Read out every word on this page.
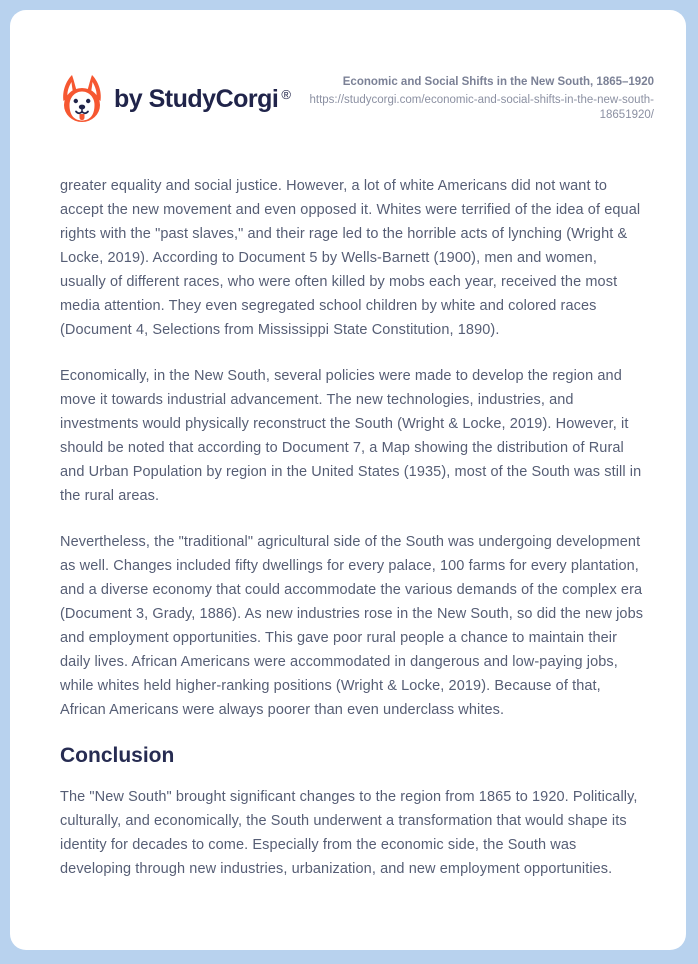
by StudyCorgi ®
Economic and Social Shifts in the New South, 1865–1920
https://studycorgi.com/economic-and-social-shifts-in-the-new-south-18651920/

greater equality and social justice. However, a lot of white Americans did not want to accept the new movement and even opposed it. Whites were terrified of the idea of equal rights with the "past slaves," and their rage led to the horrible acts of lynching (Wright & Locke, 2019). According to Document 5 by Wells-Barnett (1900), men and women, usually of different races, who were often killed by mobs each year, received the most media attention. They even segregated school children by white and colored races (Document 4, Selections from Mississippi State Constitution, 1890).

Economically, in the New South, several policies were made to develop the region and move it towards industrial advancement. The new technologies, industries, and investments would physically reconstruct the South (Wright & Locke, 2019). However, it should be noted that according to Document 7, a Map showing the distribution of Rural and Urban Population by region in the United States (1935), most of the South was still in the rural areas.

Nevertheless, the "traditional" agricultural side of the South was undergoing development as well. Changes included fifty dwellings for every palace, 100 farms for every plantation, and a diverse economy that could accommodate the various demands of the complex era (Document 3, Grady, 1886). As new industries rose in the New South, so did the new jobs and employment opportunities. This gave poor rural people a chance to maintain their daily lives. African Americans were accommodated in dangerous and low-paying jobs, while whites held higher-ranking positions (Wright & Locke, 2019). Because of that, African Americans were always poorer than even underclass whites.

Conclusion

The "New South" brought significant changes to the region from 1865 to 1920. Politically, culturally, and economically, the South underwent a transformation that would shape its identity for decades to come. Especially from the economic side, the South was developing through new industries, urbanization, and new employment opportunities.
